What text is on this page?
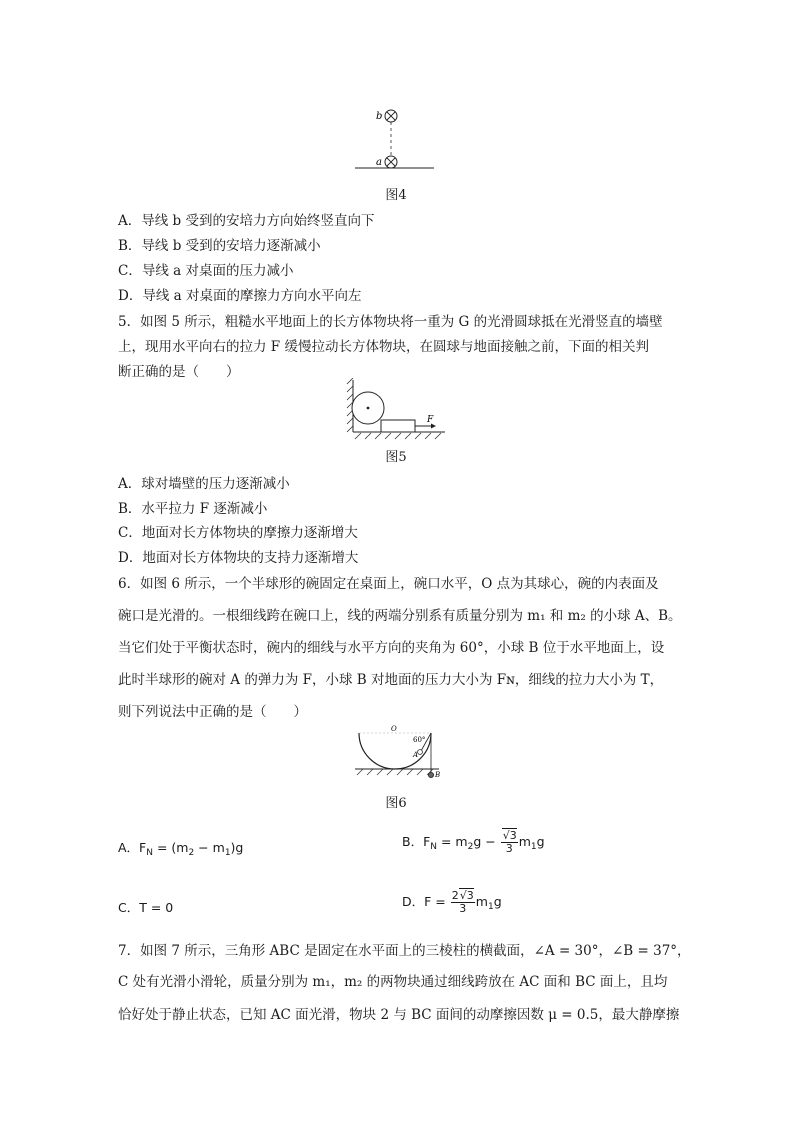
b
a
图4
A．导线 b 受到的安培力方向始终竖直向下
B．导线 b 受到的安培力逐渐减小
C．导线 a 对桌面的压力减小
D．导线 a 对桌面的摩擦力方向水平向左
5．如图 5 所示，粗糙水平地面上的长方体物块将一重为 G 的光滑圆球抵在光滑竖直的墙壁
上，现用水平向右的拉力 F 缓慢拉动长方体物块，在圆球与地面接触之前，下面的相关判
断正确的是（　　）
F
图5
A．球对墙壁的压力逐渐减小
B．水平拉力 F 逐渐减小
C．地面对长方体物块的摩擦力逐渐增大
D．地面对长方体物块的支持力逐渐增大
6．如图 6 所示，一个半球形的碗固定在桌面上，碗口水平，O 点为其球心，碗的内表面及
碗口是光滑的。一根细线跨在碗口上，线的两端分别系有质量分别为 m₁ 和 m₂ 的小球 A、B。
当它们处于平衡状态时，碗内的细线与水平方向的夹角为 60°，小球 B 位于水平地面上，设
此时半球形的碗对 A 的弹力为 F，小球 B 对地面的压力大小为 Fɴ，细线的拉力大小为 T，
则下列说法中正确的是（　　）
O
60°
A
B
图6
A．$F_N = (m_2 - m_1)g$	B．$F_N = m_2g - \frac{√3}{3} m_1g$
C．T = 0	D．$F = \frac{2√3}{3} m_1g$
7．如图 7 所示，三角形 ABC 是固定在水平面上的三棱柱的横截面，∠A = 30°，∠B = 37°，
C 处有光滑小滑轮，质量分别为 m₁，m₂ 的两物块通过细线跨放在 AC 面和 BC 面上，且均
恰好处于静止状态，已知 AC 面光滑，物块 2 与 BC 面间的动摩擦因数 μ = 0.5，最大静摩擦
